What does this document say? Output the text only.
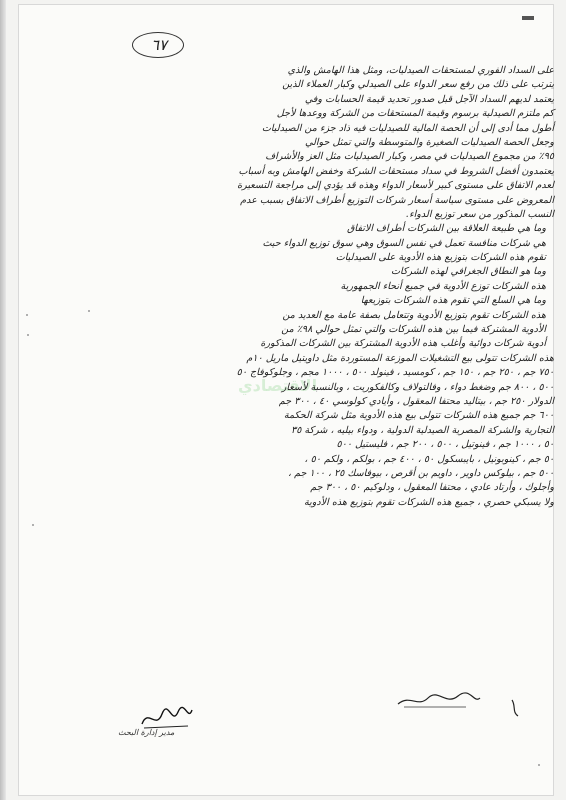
٦٧
الاقتصادي
على السداد الفوري لمستحقات الصيدليات، ومثل هذا الهامش والذي
يترتب على ذلك من رفع سعر الدواء على الصيدلي وكبار العملاء الذين
يعتمد لديهم السداد الآجل قبل صدور تحديد قيمة الحسابات وفي
كم ملتزم الصيدلية برسوم وقيمة المستحقات من الشركة ووعدها لأجل
أطول مما أدى إلى أن الحصة المالية للصيدليات فيه ذاد جزء من الصيدليات
وجعل الحصة الصيدليات الصغيرة والمتوسطة والتي تمثل حوالي
٩٥٪ من مجموع الصيدليات في مصر، وكبار الصيدليات مثل العز والأشراف
يعتمدون أفضل الشروط في سداد مستحقات الشركة وخفض الهامش وبه أسباب
لعدم الاتفاق على مستوى كبير لأسعار الدواء وهذه قد يؤدي إلى مراجعة التسعيرة
المعروض على مستوى سياسة أسعار شركات التوزيع أطراف الاتفاق بسبب عدم
النسب المذكور من سعر توزيع الدواء.
وما هي طبيعة العلاقة بين الشركات أطراف الاتفاق
هي شركات منافسة تعمل في نفس السوق وهي سوق توزيع الدواء حيث
تقوم هذه الشركات بتوزيع هذه الأدوية على الصيدليات
وما هو النطاق الجغرافي لهذه الشركات
هذه الشركات توزع الأدوية في جميع أنحاء الجمهورية
وما هي السلع التي تقوم هذه الشركات بتوزيعها
هذه الشركات تقوم بتوزيع الأدوية وتتعامل بصفة عامة مع العديد من
الأدوية المشتركة فيما بين هذه الشركات والتي تمثل حوالي ٩٨٪ من
أدوية شركات دوائية وأغلب هذه الأدوية المشتركة بين الشركات المذكورة
هذه الشركات تتولى بيع التشغيلات الموزعة المستوردة مثل داويتيل ماريل ١٠م
٧٥٠ جم ، ٢٥٠ جم ، ١٥٠ جم ، كومسيد ، فينولد ٥٠٠ ، ١٠٠٠ مجم ، وجلوكوفاج ٥٠
٥٠٠ ، ٨٠٠ جم وضغط دواء ، وفالتولاف وكالفكوريت ، وبالنسبة لأسعار
الدولار ٢٥٠ جم ، بيتاليد محتفا المعقول ، وأيادي كولوسي ٤٠ ، ٣٠٠ جم
٦٠٠ جم جميع هذه الشركات تتولى بيع هذه الأدوية مثل شركة الحكمة
التجارية والشركة المصرية الصيدلية الدولية ، ودواء بيليه ، شركة ٣٥
٥٠ ، ١٠٠٠ جم ، فينوتيل ، ٥٠٠ ، ٢٠٠ جم ، فليستيل ٥٠٠
٥٠ جم ، كينوبونيل ، بايبسكول ٥٠ ، ٤٠٠ جم ، بولكم ، ولكم ٥٠ ،
٥٠٠ جم ، بيلوكس داوير ، داويم بن أقرص ، بيوفاسك ٢٥ ، ١٠٠ جم ،
وأجلوك ، وأرتاد عادي ، محتفا المعقول ، ودلوكيم ٥٠ ، ٣٠٠ جم
ولا يسبكي حصري ، جميع هذه الشركات تقوم بتوزيع هذه الأدوية
مدير إدارة البحث
